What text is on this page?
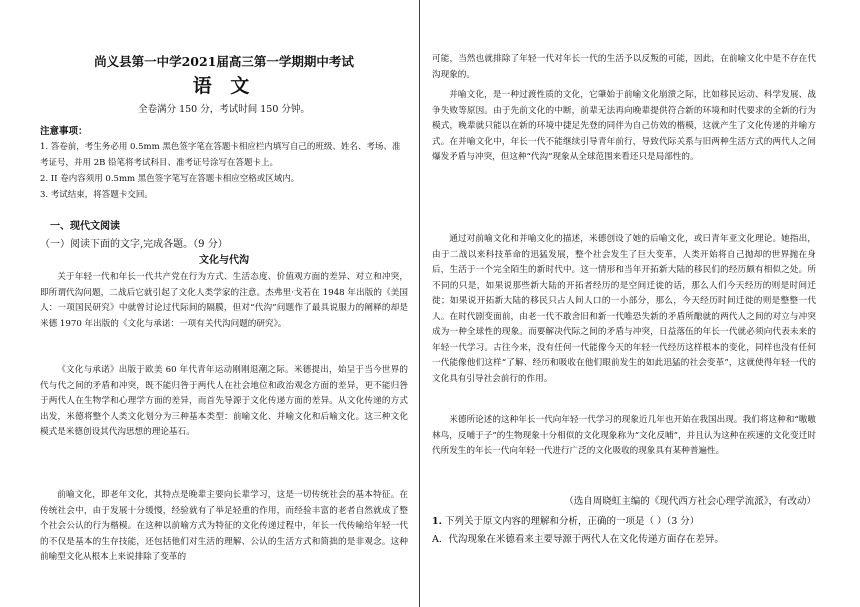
尚义县第一中学2021届高三第一学期期中考试
语 文
全卷满分 150 分，考试时间 150 分钟。
注意事项：

1. 答卷前，考生务必用 0.5mm 黑色签字笔在答题卡相应栏内填写自己的班级、姓名、考场、准考证号，并用 2B 铅笔将考试科目、准考证号涂写在答题卡上。

2. II 卷内容须用 0.5mm 黑色签字笔写在答题卡相应空格或区域内。

3. 考试结束，将答题卡交回。

一、现代文阅读
（一）阅读下面的文字,完成各题。（9 分）
文化与代沟

关于年轻一代和年长一代共产党在行为方式、生活态度、价值观方面的差异、对立和冲突，即所谓代沟问题，二战后它就引起了文化人类学家的注意。杰弗里·戈若在 1948 年出版的《美国人：一项国民研究》中就曾讨论过代际间的隔膜，但对“代沟”问题作了最具说服力的阐释的却是米德 1970 年出版的《文化与承诺：一项有关代沟问题的研究》。

《文化与承诺》出版于欧美 60 年代青年运动刚刚退潮之际。米德提出，始呈于当今世界的代与代之间的矛盾和冲突，既不能归咎于两代人在社会地位和政治观念方面的差异，更不能归咎于两代人在生物学和心理学方面的差异，而首先导源于文化传递方面的差异。从文化传递的方式出发，米德将整个人类文化划分为三种基本类型：前喻文化、并喻文化和后喻文化。这三种文化模式是米德创设其代沟思想的理论基石。

前喻文化，即老年文化，其特点是晚辈主要向长辈学习，这是一切传统社会的基本特征。在传统社会中，由于发展十分缓慢，经验就有了举足轻重的作用，而经验丰富的老者自然就成了整个社会公认的行为楷模。在这种以前喻方式为特征的文化传递过程中，年长一代传喻给年轻一代的不仅是基本的生存技能，还包括他们对生活的理解、公认的生活方式和简拙的是非观念。这种前喻型文化从根本上来说排除了变革的

可能，当然也就排除了年轻一代对年长一代的生活予以反叛的可能，因此，在前喻文化中是不存在代沟现象的。

并喻文化，是一种过渡性质的文化，它肇始于前喻文化崩溃之际，比如移民运动、科学发展、战争失败等原因。由于先前文化的中断，前辈无法再向晚辈提供符合新的环境和时代要求的全新的行为模式，晚辈就只能以在新的环境中捷足先登的同伴为自己仿效的楷模，这就产生了文化传递的并喻方式。在并喻文化中，年长一代不能继续引导青年前行，导致代际关系与旧两种生活方式的两代人之间爆发矛盾与冲突，但这种“代沟”现象从全球范围来看还只是局部性的。

通过对前喻文化和并喻文化的描述，米德创设了她的后喻文化，或曰青年亚文化理论。她指出，由于二战以来科技革命的迅猛发展，整个社会发生了巨大变革，人类开始将自己抛却的世界抛在身后，生活于一个完全陌生的新时代中。这一情形和当年开拓新大陆的移民们的经历颇有相似之处。所不同的只是，如果说那些新大陆的开拓者经历的是空间迁徙的话，那么人们今天经历的则是时间迁徙；如果说开拓新大陆的移民只占人间人口的一小部分，那么，今天经历时间迁徙的则是整整一代人。在时代剧变面前，由老一代不敢舍旧和新一代唯恐失新的矛盾所酿就的两代人之间的对立与冲突成为一种全球性的现象。而要解决代际之间的矛盾与冲突，日益落伍的年长一代就必须向代表未来的年轻一代学习。古往今来，没有任何一代能像今天的年轻一代经历这样根本的变化，同样也没有任何一代能像他们这样“了解、经历和吸收在他们眼前发生的如此迅猛的社会变革”，这就使得年轻一代的文化具有引导社会前行的作用。

米德所论述的这种年长一代向年轻一代学习的现象近几年也开始在我国出现。我们将这种和“嗷嗷林鸟，反哺于子”的生物现象十分相似的文化现象称为“文化反哺”，并且认为这种在疾速的文化变迁时代所发生的年长一代向年轻一代进行广泛的文化吸收的现象具有某种普遍性。

（选自周晓虹主编的《现代西方社会心理学流派》，有改动）
1. 下列关于原文内容的理解和分析，正确的一项是（ ）（3 分）
A．代沟现象在米德看来主要导源于两代人在文化传递方面存在差异。
